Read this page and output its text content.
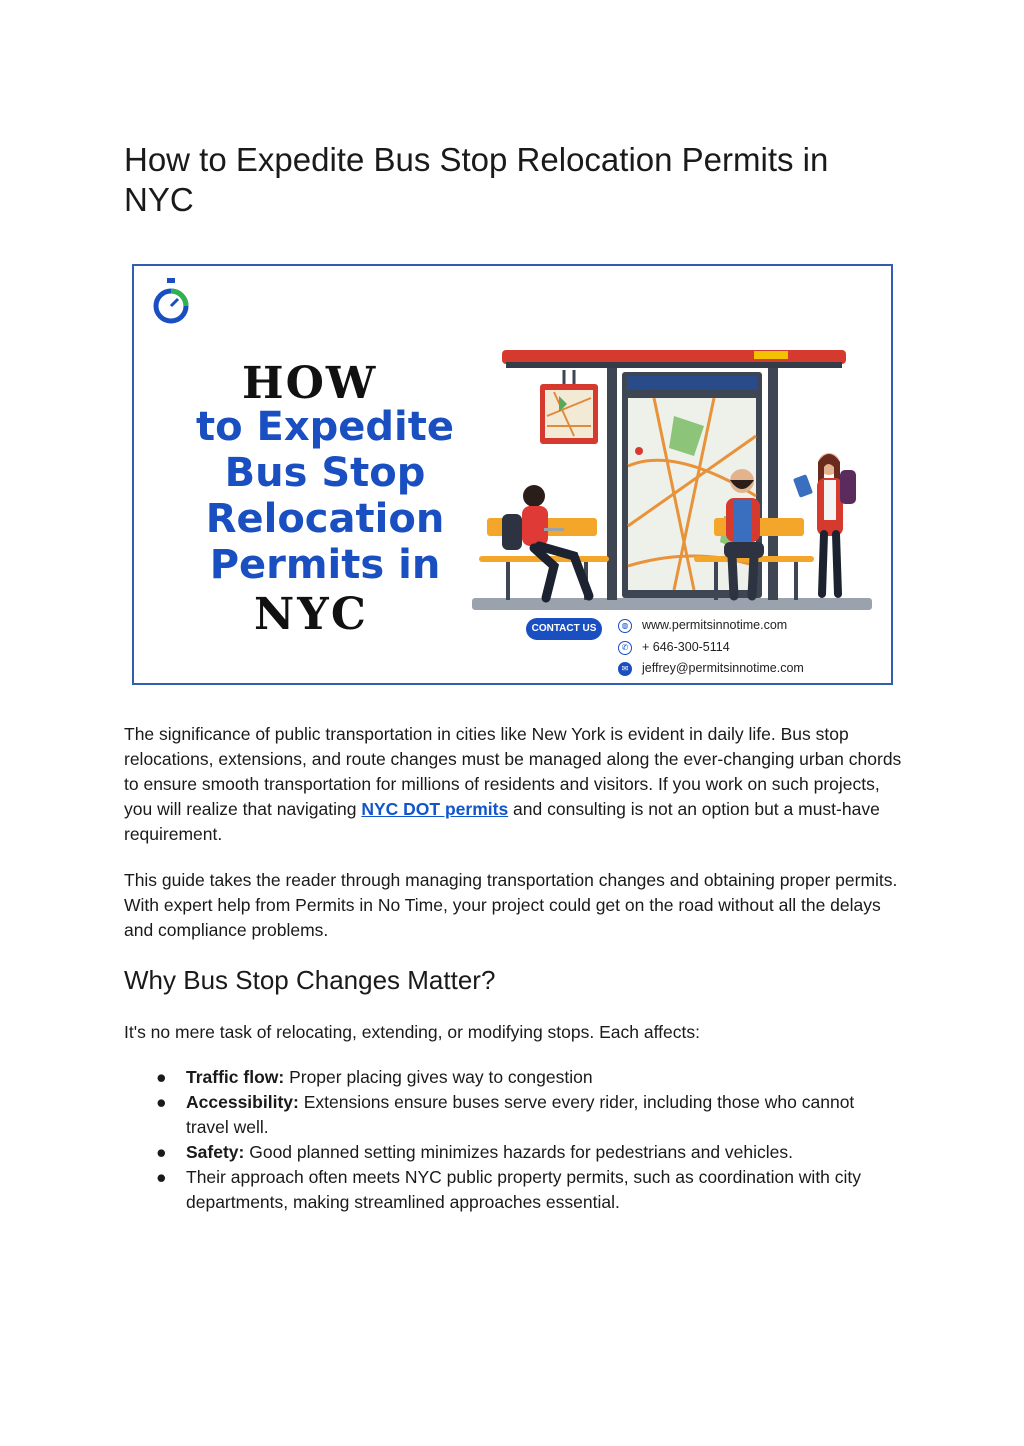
How to Expedite Bus Stop Relocation Permits in NYC
HOW
to Expedite
Bus Stop
Relocation
Permits in
NYC	CONTACT US	◍ www.permitsinnotime.com
✆ + 646-300-5114
✉ jeffrey@permitsinnotime.com

The significance of public transportation in cities like New York is evident in daily life. Bus stop relocations, extensions, and route changes must be managed along the ever-changing urban chords to ensure smooth transportation for millions of residents and visitors. If you work on such projects, you will realize that navigating NYC DOT permits and consulting is not an option but a must-have requirement.

This guide takes the reader through managing transportation changes and obtaining proper permits. With expert help from Permits in No Time, your project could get on the road without all the delays and compliance problems.

Why Bus Stop Changes Matter?

It's no mere task of relocating, extending, or modifying stops. Each affects:

● Traffic flow: Proper placing gives way to congestion
● Accessibility: Extensions ensure buses serve every rider, including those who cannot travel well.
● Safety: Good planned setting minimizes hazards for pedestrians and vehicles.
● Their approach often meets NYC public property permits, such as coordination with city departments, making streamlined approaches essential.
